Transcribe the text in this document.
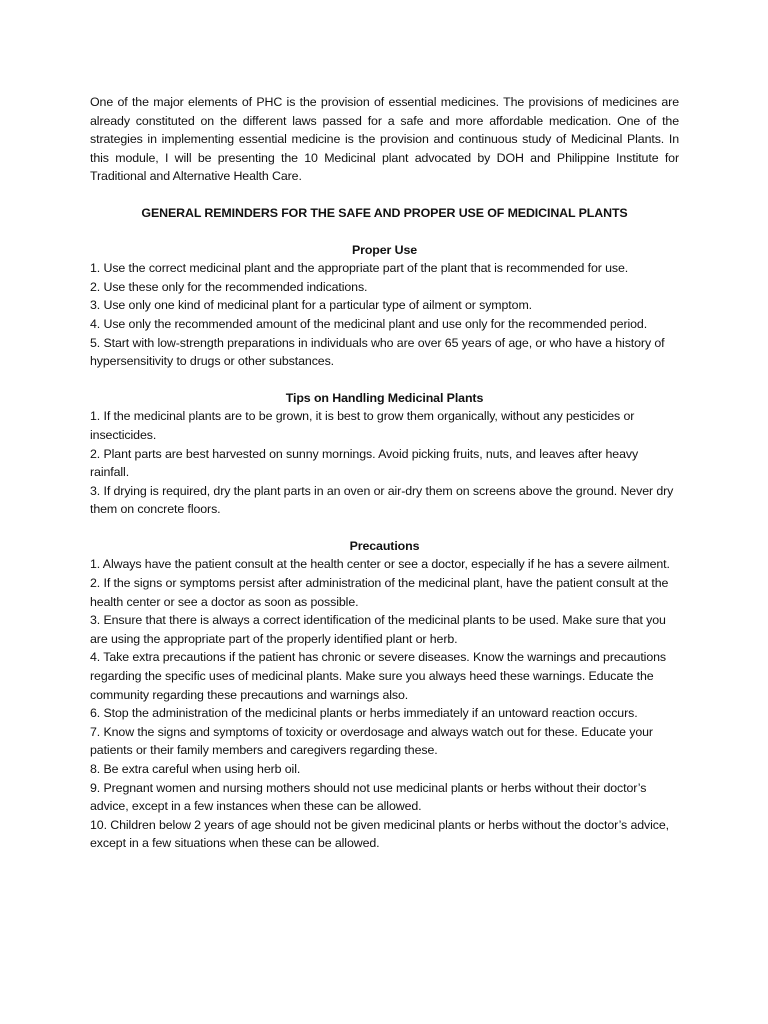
One of the major elements of PHC is the provision of essential medicines. The provisions of medicines are already constituted on the different laws passed for a safe and more affordable medication. One of the strategies in implementing essential medicine is the provision and continuous study of Medicinal Plants. In this module, I will be presenting the 10 Medicinal plant advocated by DOH and Philippine Institute for Traditional and Alternative Health Care.

GENERAL REMINDERS FOR THE SAFE AND PROPER USE OF MEDICINAL PLANTS
Proper Use
1. Use the correct medicinal plant and the appropriate part of the plant that is recommended for use.
2. Use these only for the recommended indications.
3. Use only one kind of medicinal plant for a particular type of ailment or symptom.
4. Use only the recommended amount of the medicinal plant and use only for the recommended period.
5. Start with low-strength preparations in individuals who are over 65 years of age, or who have a history of hypersensitivity to drugs or other substances.
Tips on Handling Medicinal Plants
1. If the medicinal plants are to be grown, it is best to grow them organically, without any pesticides or insecticides.
2. Plant parts are best harvested on sunny mornings. Avoid picking fruits, nuts, and leaves after heavy rainfall.
3. If drying is required, dry the plant parts in an oven or air-dry them on screens above the ground. Never dry them on concrete floors.
Precautions
1. Always have the patient consult at the health center or see a doctor, especially if he has a severe ailment.
2. If the signs or symptoms persist after administration of the medicinal plant, have the patient consult at the health center or see a doctor as soon as possible.
3. Ensure that there is always a correct identification of the medicinal plants to be used. Make sure that you are using the appropriate part of the properly identified plant or herb.
4. Take extra precautions if the patient has chronic or severe diseases. Know the warnings and precautions regarding the specific uses of medicinal plants. Make sure you always heed these warnings. Educate the community regarding these precautions and warnings also.
6. Stop the administration of the medicinal plants or herbs immediately if an untoward reaction occurs.
7. Know the signs and symptoms of toxicity or overdosage and always watch out for these. Educate your patients or their family members and caregivers regarding these.
8. Be extra careful when using herb oil.
9. Pregnant women and nursing mothers should not use medicinal plants or herbs without their doctor’s advice, except in a few instances when these can be allowed.
10. Children below 2 years of age should not be given medicinal plants or herbs without the doctor’s advice, except in a few situations when these can be allowed.
